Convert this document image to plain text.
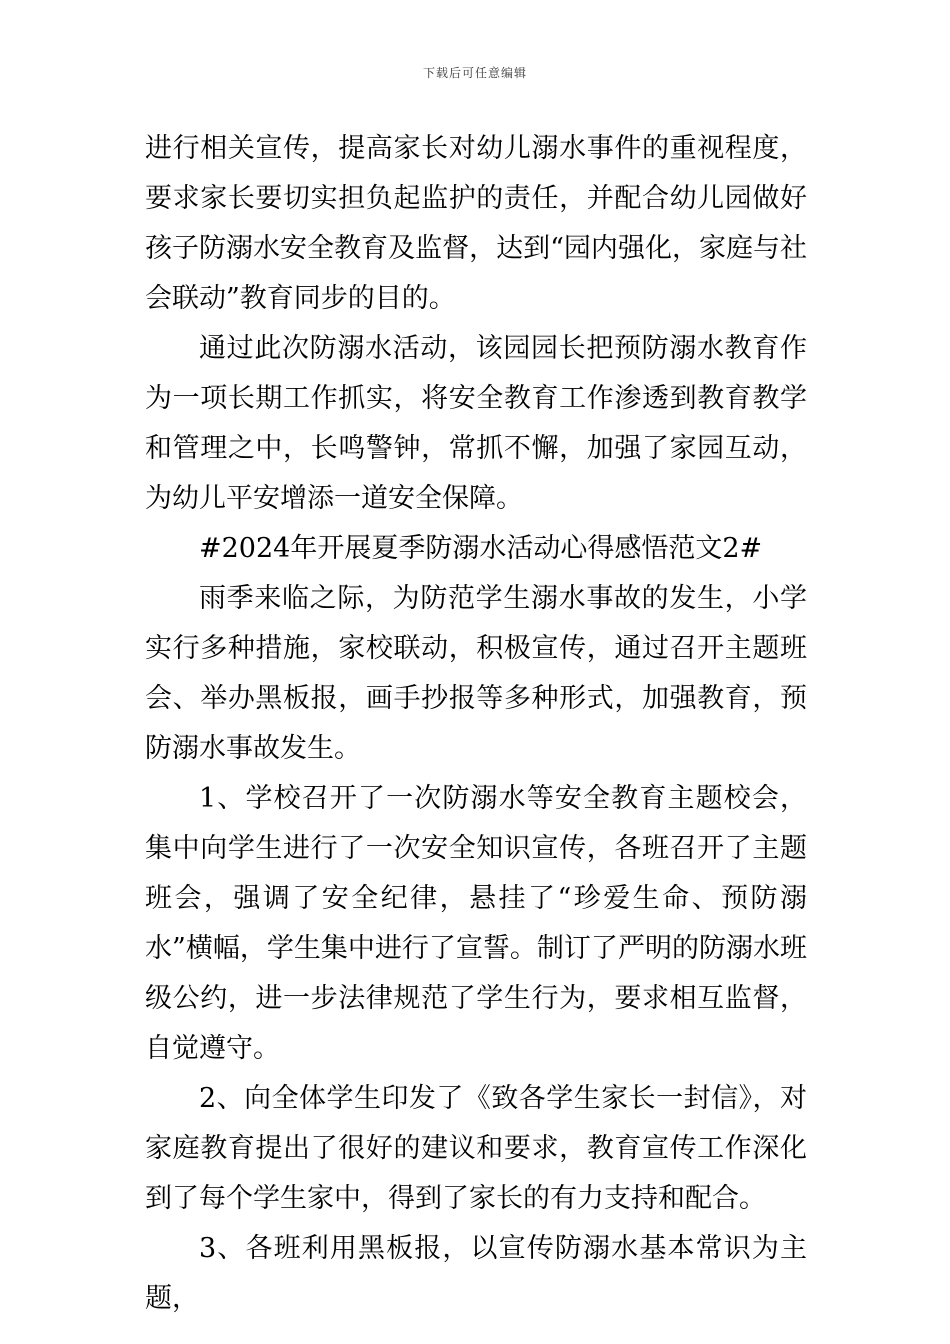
下载后可任意编辑

进行相关宣传，提高家长对幼儿溺水事件的重视程度，要求家长要切实担负起监护的责任，并配合幼儿园做好孩子防溺水安全教育及监督，达到“园内强化，家庭与社会联动”教育同步的目的。

通过此次防溺水活动，该园园长把预防溺水教育作为一项长期工作抓实，将安全教育工作渗透到教育教学和管理之中，长鸣警钟，常抓不懈，加强了家园互动，为幼儿平安增添一道安全保障。

#2024年开展夏季防溺水活动心得感悟范文2#

雨季来临之际，为防范学生溺水事故的发生，小学实行多种措施，家校联动，积极宣传，通过召开主题班会、举办黑板报，画手抄报等多种形式，加强教育，预防溺水事故发生。

1、学校召开了一次防溺水等安全教育主题校会，集中向学生进行了一次安全知识宣传，各班召开了主题班会，强调了安全纪律，悬挂了“珍爱生命、预防溺水”横幅，学生集中进行了宣誓。制订了严明的防溺水班级公约，进一步法律规范了学生行为，要求相互监督，自觉遵守。

2、向全体学生印发了《致各学生家长一封信》，对家庭教育提出了很好的建议和要求，教育宣传工作深化到了每个学生家中，得到了家长的有力支持和配合。

3、各班利用黑板报，以宣传防溺水基本常识为主题，
